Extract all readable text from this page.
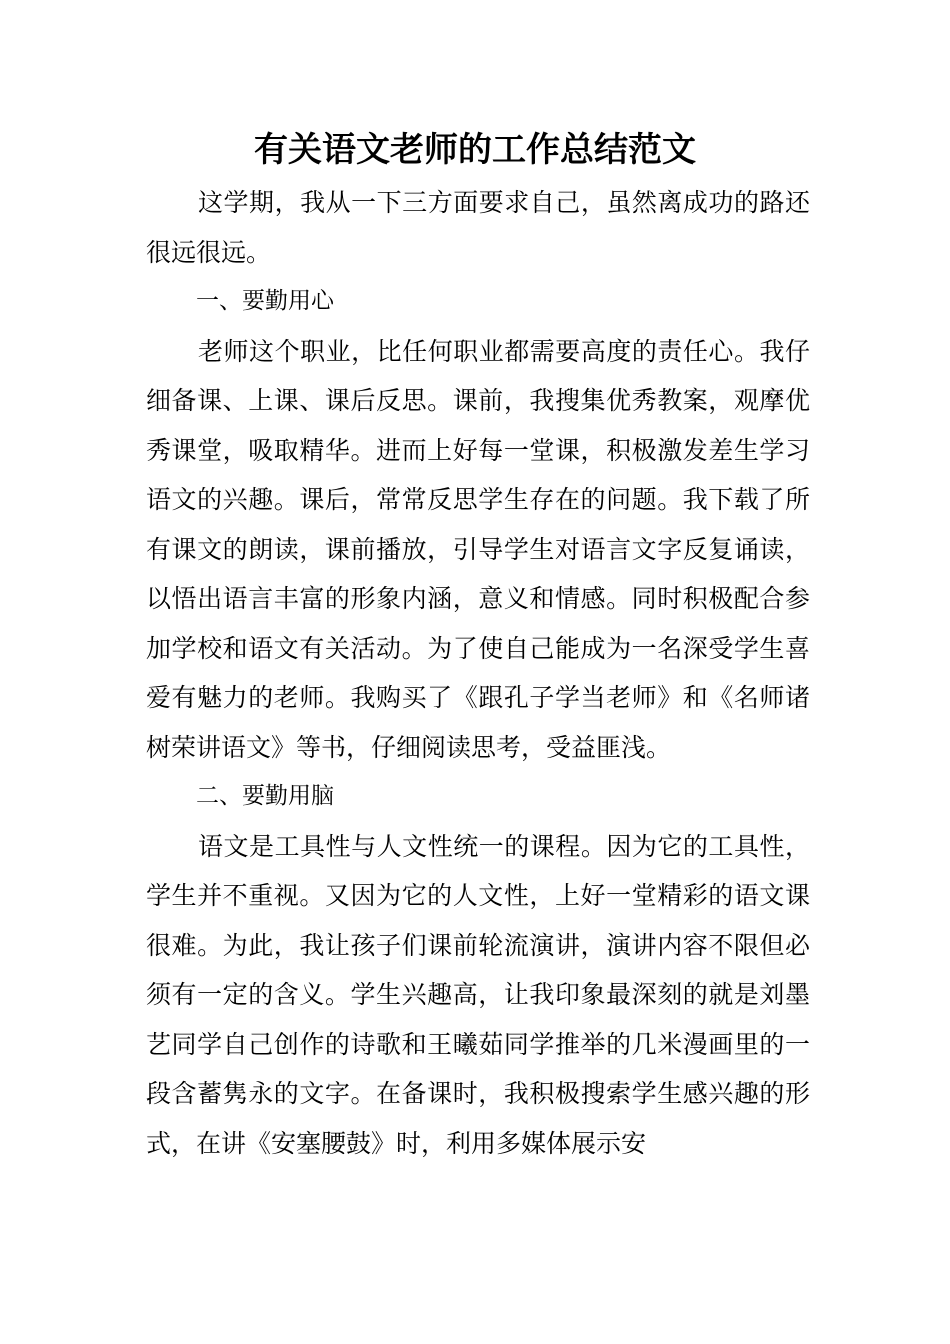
有关语文老师的工作总结范文

这学期，我从一下三方面要求自己，虽然离成功的路还很远很远。

一、要勤用心

老师这个职业，比任何职业都需要高度的责任心。我仔细备课、上课、课后反思。课前，我搜集优秀教案，观摩优秀课堂，吸取精华。进而上好每一堂课，积极激发差生学习语文的兴趣。课后，常常反思学生存在的问题。我下载了所有课文的朗读，课前播放，引导学生对语言文字反复诵读，以悟出语言丰富的形象内涵，意义和情感。同时积极配合参加学校和语文有关活动。为了使自己能成为一名深受学生喜爱有魅力的老师。我购买了《跟孔子学当老师》和《名师诸树荣讲语文》等书，仔细阅读思考，受益匪浅。

二、要勤用脑

语文是工具性与人文性统一的课程。因为它的工具性，学生并不重视。又因为它的人文性，上好一堂精彩的语文课很难。为此，我让孩子们课前轮流演讲，演讲内容不限但必须有一定的含义。学生兴趣高，让我印象最深刻的就是刘墨艺同学自己创作的诗歌和王曦茹同学推举的几米漫画里的一段含蓄隽永的文字。在备课时，我积极搜索学生感兴趣的形式，在讲《安塞腰鼓》时，利用多媒体展示安
